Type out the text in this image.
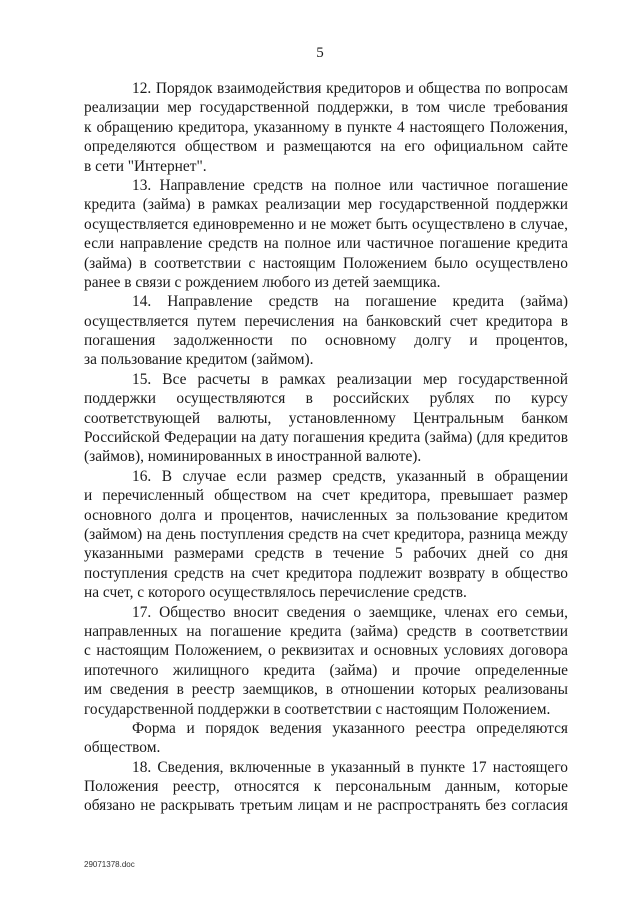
5
12. Порядок взаимодействия кредиторов и общества по вопросам
реализации мер государственной поддержки, в том числе требования
к обращению кредитора, указанному в пункте 4 настоящего Положения,
определяются обществом и размещаются на его официальном сайте
в сети "Интернет".
13. Направление средств на полное или частичное погашение
кредита (займа) в рамках реализации мер государственной поддержки
осуществляется единовременно и не может быть осуществлено в случае,
если направление средств на полное или частичное погашение кредита
(займа) в соответствии с настоящим Положением было осуществлено
ранее в связи с рождением любого из детей заемщика.
14. Направление средств на погашение кредита (займа)
осуществляется путем перечисления на банковский счет кредитора в
погашения задолженности по основному долгу и процентов,
за пользование кредитом (займом).
15. Все расчеты в рамках реализации мер государственной
поддержки осуществляются в российских рублях по курсу
соответствующей валюты, установленному Центральным банком
Российской Федерации на дату погашения кредита (займа) (для кредитов
(займов), номинированных в иностранной валюте).
16. В случае если размер средств, указанный в обращении
и перечисленный обществом на счет кредитора, превышает размер
основного долга и процентов, начисленных за пользование кредитом
(займом) на день поступления средств на счет кредитора, разница между
указанными размерами средств в течение 5 рабочих дней со дня
поступления средств на счет кредитора подлежит возврату в общество
на счет, с которого осуществлялось перечисление средств.
17. Общество вносит сведения о заемщике, членах его семьи,
направленных на погашение кредита (займа) средств в соответствии
с настоящим Положением, о реквизитах и основных условиях договора
ипотечного жилищного кредита (займа) и прочие определенные
им сведения в реестр заемщиков, в отношении которых реализованы
государственной поддержки в соответствии с настоящим Положением.
Форма и порядок ведения указанного реестра определяются
обществом.
18. Сведения, включенные в указанный в пункте 17 настоящего
Положения реестр, относятся к персональным данным, которые
обязано не раскрывать третьим лицам и не распространять без согласия
29071378.doc
